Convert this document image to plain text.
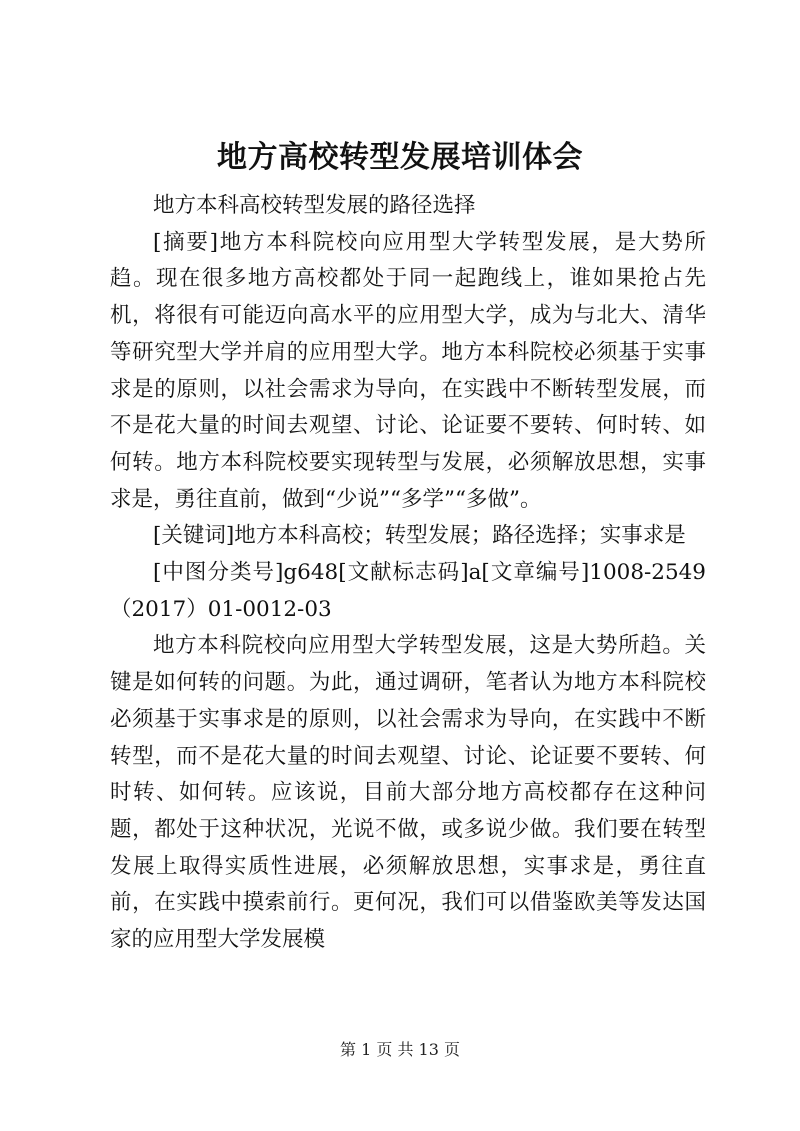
地方高校转型发展培训体会

地方本科高校转型发展的路径选择

[摘要]地方本科院校向应用型大学转型发展，是大势所趋。现在很多地方高校都处于同一起跑线上，谁如果抢占先机，将很有可能迈向高水平的应用型大学，成为与北大、清华等研究型大学并肩的应用型大学。地方本科院校必须基于实事求是的原则，以社会需求为导向，在实践中不断转型发展，而不是花大量的时间去观望、讨论、论证要不要转、何时转、如何转。地方本科院校要实现转型与发展，必须解放思想，实事求是，勇往直前，做到“少说”“多学”“多做”。

[关键词]地方本科高校；转型发展；路径选择；实事求是

[中图分类号]g648[文献标志码]a[文章编号]1008-2549（2017）01-0012-03

地方本科院校向应用型大学转型发展，这是大势所趋。关键是如何转的问题。为此，通过调研，笔者认为地方本科院校必须基于实事求是的原则，以社会需求为导向，在实践中不断转型，而不是花大量的时间去观望、讨论、论证要不要转、何时转、如何转。应该说，目前大部分地方高校都存在这种问题，都处于这种状况，光说不做，或多说少做。我们要在转型发展上取得实质性进展，必须解放思想，实事求是，勇往直前，在实践中摸索前行。更何况，我们可以借鉴欧美等发达国家的应用型大学发展模

第 1 页 共 13 页
